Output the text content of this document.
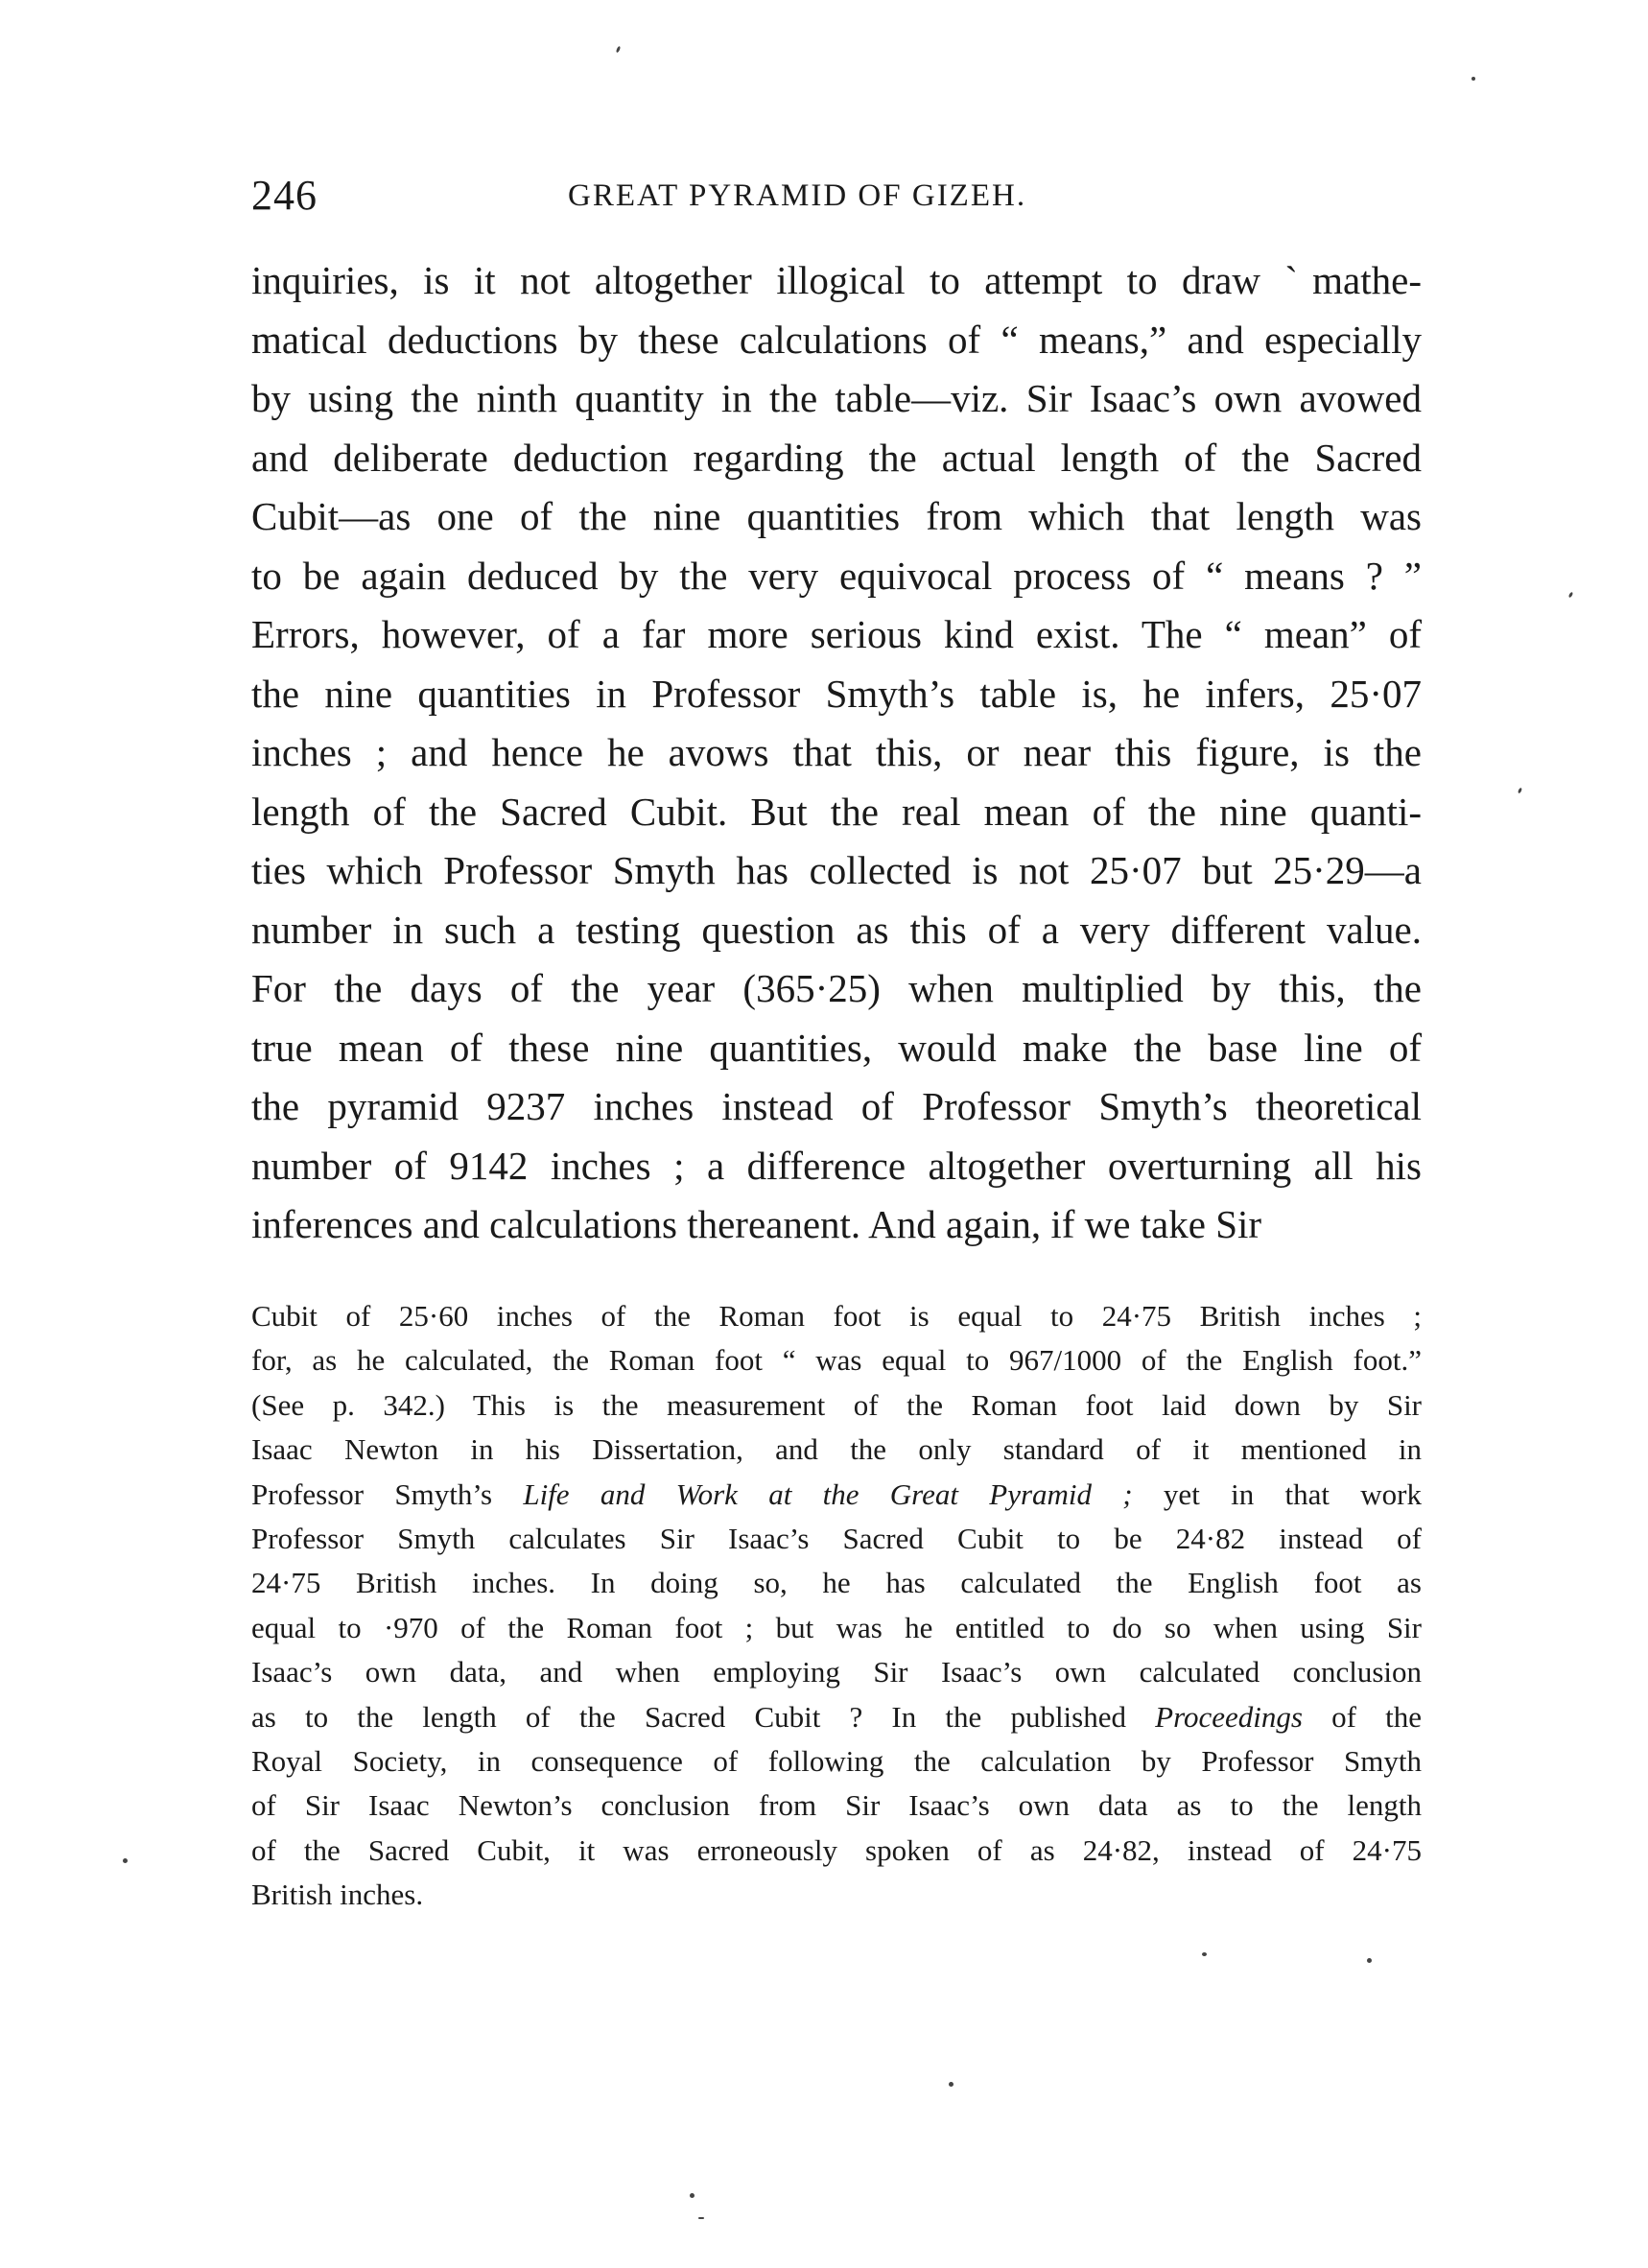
246	GREAT PYRAMID OF GIZEH.
inquiries, is it not altogether illogical to attempt to draw ˋmathe-
matical deductions by these calculations of “ means,” and especially
by using the ninth quantity in the table—viz. Sir Isaac’s own avowed
and deliberate deduction regarding the actual length of the Sacred
Cubit—as one of the nine quantities from which that length was
to be again deduced by the very equivocal process of “ means ? ”
Errors, however, of a far more serious kind exist. The “ mean” of
the nine quantities in Professor Smyth’s table is, he infers, 25·07
inches ; and hence he avows that this, or near this figure, is the
length of the Sacred Cubit. But the real mean of the nine quanti-
ties which Professor Smyth has collected is not 25·07 but 25·29—a
number in such a testing question as this of a very different value.
For the days of the year (365·25) when multiplied by this, the
true mean of these nine quantities, would make the base line of
the pyramid 9237 inches instead of Professor Smyth’s theoretical
number of 9142 inches ; a difference altogether overturning all his
inferences and calculations thereanent. And again, if we take Sir
Cubit of 25·60 inches of the Roman foot is equal to 24·75 British inches ;
for, as he calculated, the Roman foot “ was equal to 967/1000 of the English foot.”
(See p. 342.) This is the measurement of the Roman foot laid down by Sir
Isaac Newton in his Dissertation, and the only standard of it mentioned in
Professor Smyth’s Life and Work at the Great Pyramid ; yet in that work
Professor Smyth calculates Sir Isaac’s Sacred Cubit to be 24·82 instead of
24·75 British inches. In doing so, he has calculated the English foot as
equal to ·970 of the Roman foot ; but was he entitled to do so when using Sir
Isaac’s own data, and when employing Sir Isaac’s own calculated conclusion
as to the length of the Sacred Cubit ? In the published Proceedings of the
Royal Society, in consequence of following the calculation by Professor Smyth
of Sir Isaac Newton’s conclusion from Sir Isaac’s own data as to the length
of the Sacred Cubit, it was erroneously spoken of as 24·82, instead of 24·75
British inches.
